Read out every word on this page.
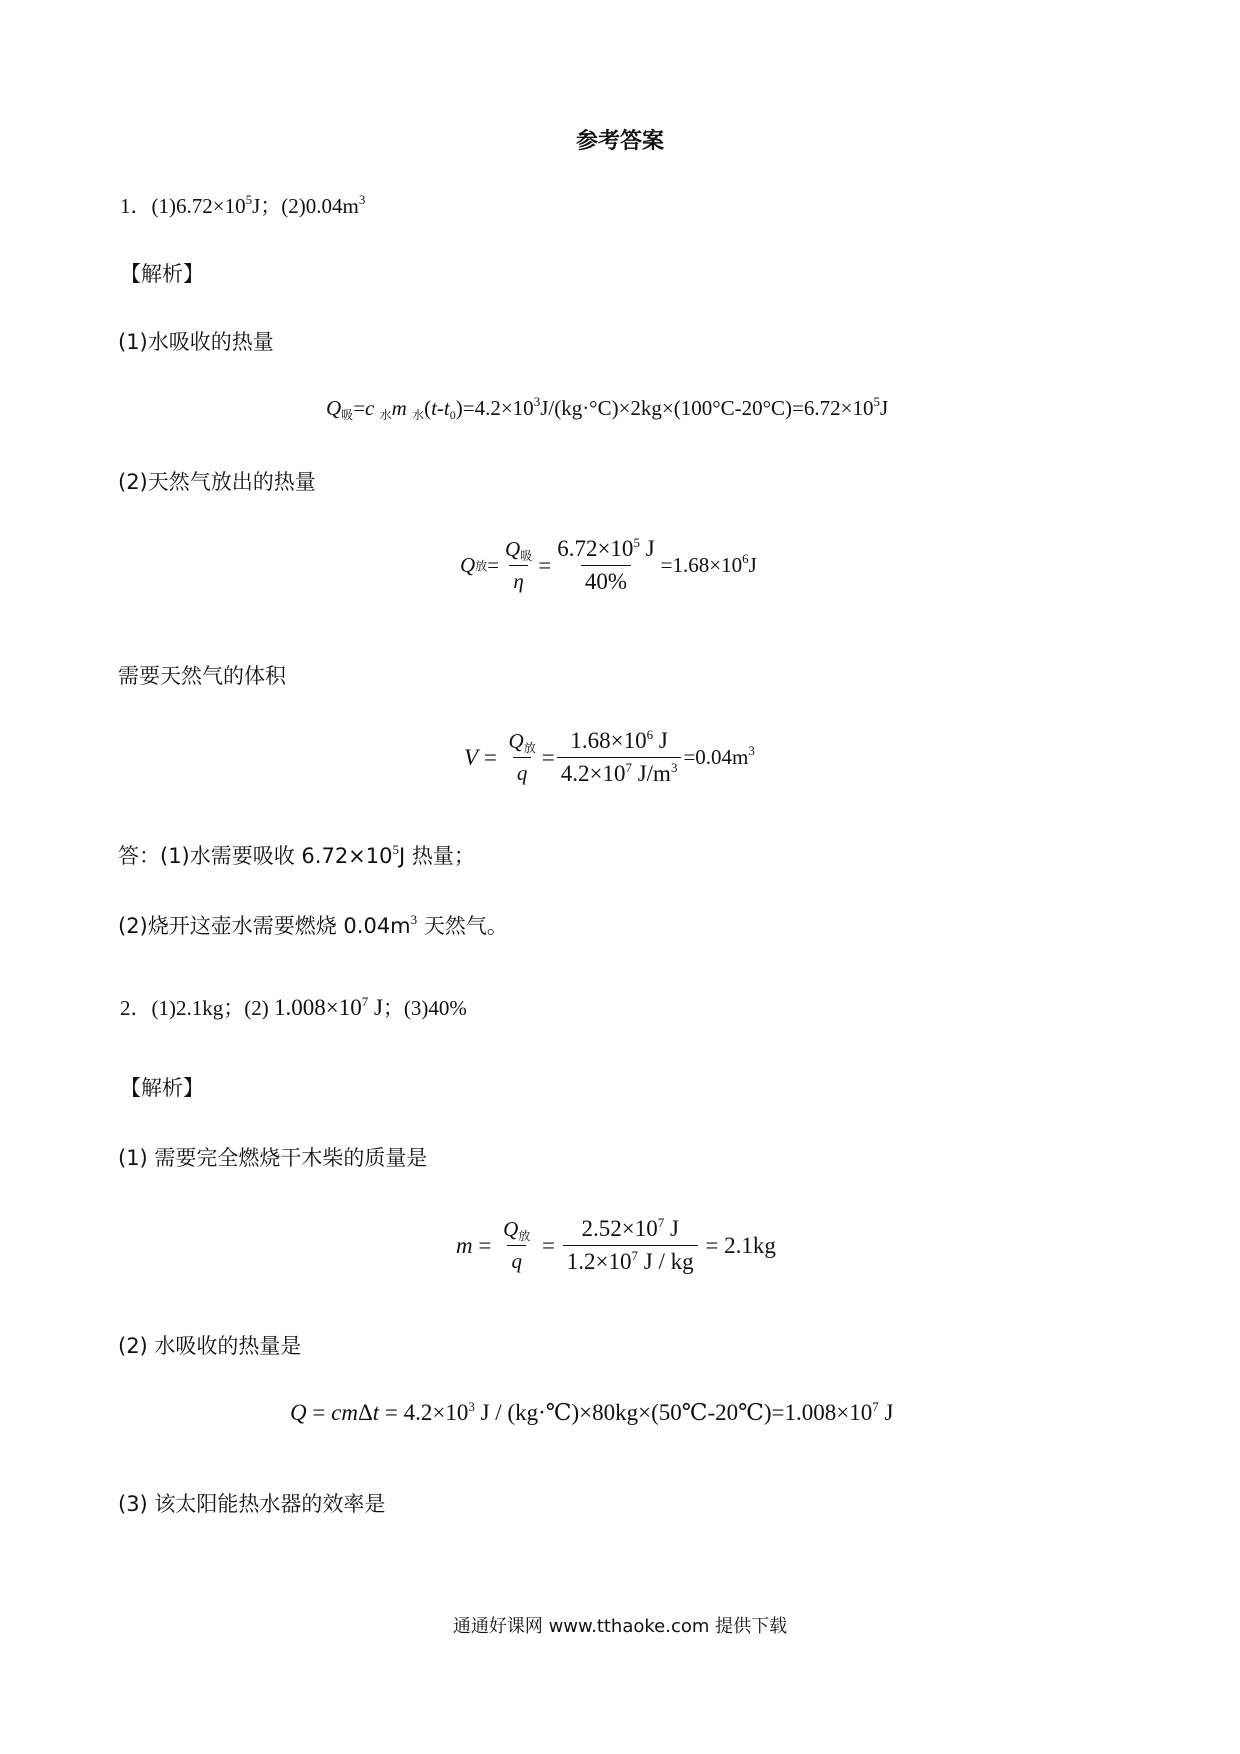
参考答案
1．$(1)6.72\times 10^5J$；$(2)0.04m^3$
【解析】
(1)水吸收的热量
$Q_吸=c$ $_水$m $_水(t-t_0)=4.2\times 10^3J/(kg\cdot^\circ C)\times 2kg\times(100^\circ C-20^\circ C)=6.72\times 10^5J$
(2)天然气放出的热量
Q 放 = $\frac{Q_吸}{\eta} = \frac{6.72\times 10^5 J}{40\%} =1.68\times 10^6J$
需要天然气的体积
$V = \frac{Q_放}{q} = \frac{1.68\times 10^6 J}{4.2\times 10^7 J/m^3} =0.04m^3$
答：(1)水需要吸收 $6.72\times 10^5J$ 热量；
(2)烧开这壶水需要燃烧 $0.04m^3$ 天然气。
2．(1)2.1kg；(2) $1.008\times 10^7$ J；(3)40%
【解析】
(1) 需要完全燃烧干木柴的质量是
$m = \frac{Q_放}{q} = \frac{2.52\times 10^7 J}{1.2\times 10^7 J / kg}$
= 2.1kg
(2) 水吸收的热量是
$Q = cm\Delta t = 4.2\times 10^3$ $J / (kg\cdot℃)\times 80kg\times(50℃-20℃)=1.008\times 10^7$ J
(3) 该太阳能热水器的效率是
通通好课网 www.tthaoke.com 提供下载
